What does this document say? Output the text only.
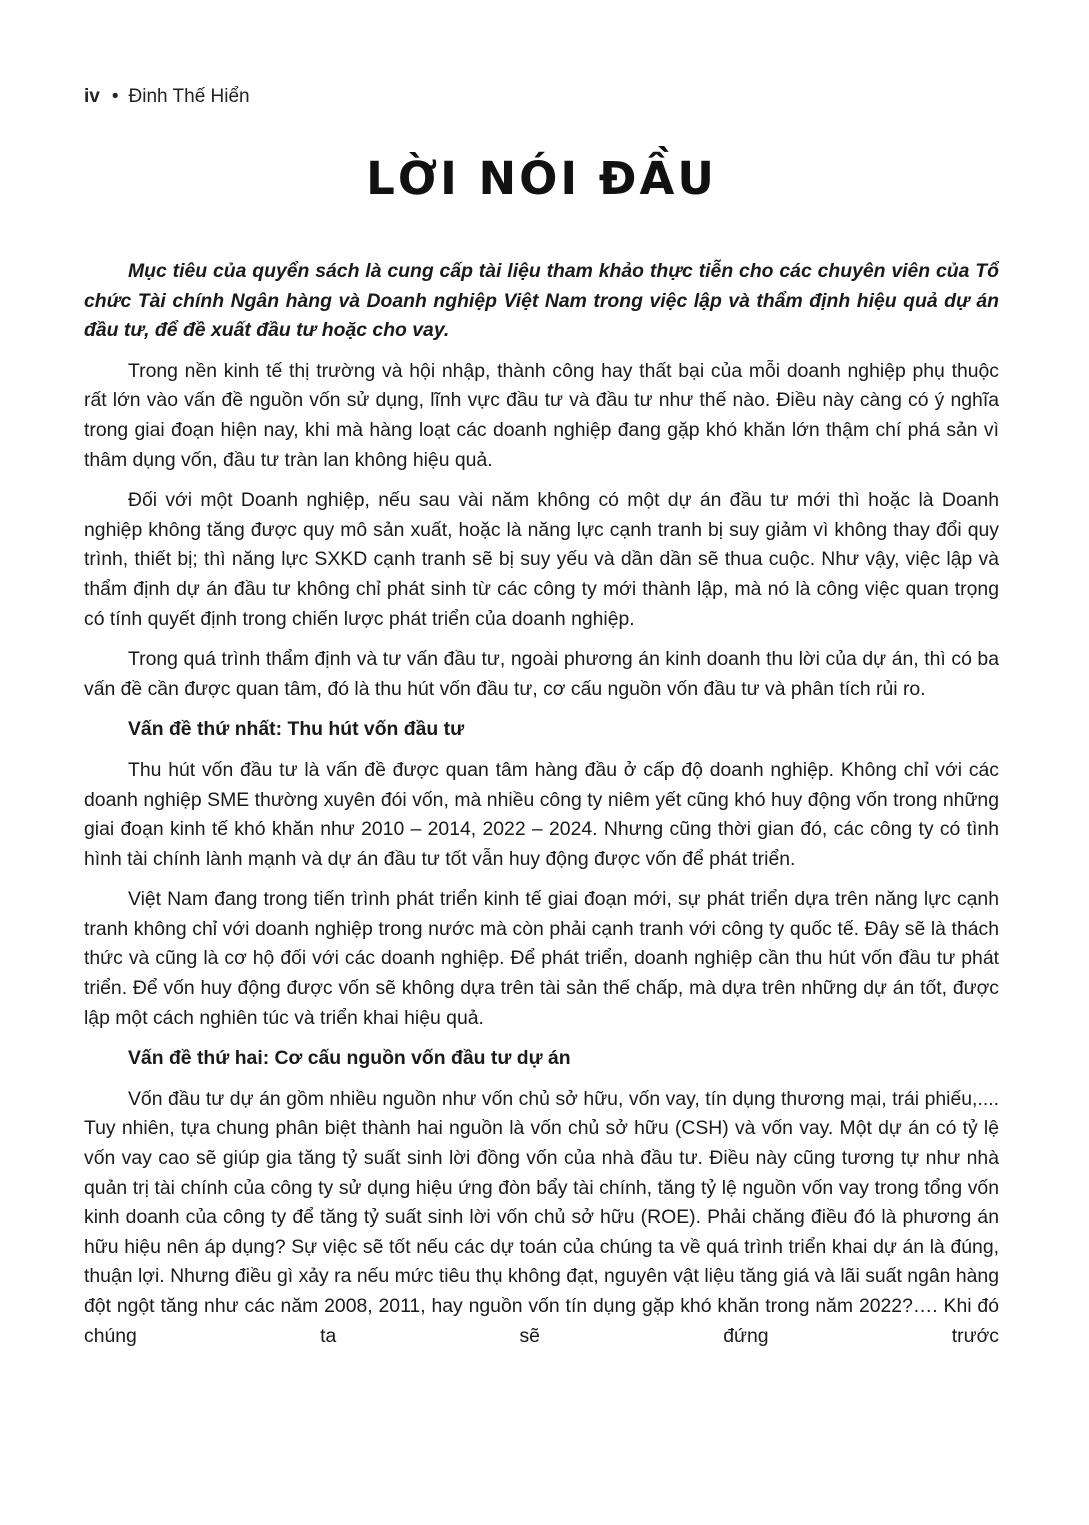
iv • Đinh Thế Hiển
LỜI NÓI ĐẦU

Mục tiêu của quyển sách là cung cấp tài liệu tham khảo thực tiễn cho các chuyên viên của Tổ chức Tài chính Ngân hàng và Doanh nghiệp Việt Nam trong việc lập và thẩm định hiệu quả dự án đầu tư, để đề xuất đầu tư hoặc cho vay.

Trong nền kinh tế thị trường và hội nhập, thành công hay thất bại của mỗi doanh nghiệp phụ thuộc rất lớn vào vấn đề nguồn vốn sử dụng, lĩnh vực đầu tư và đầu tư như thế nào. Điều này càng có ý nghĩa trong giai đoạn hiện nay, khi mà hàng loạt các doanh nghiệp đang gặp khó khăn lớn thậm chí phá sản vì thâm dụng vốn, đầu tư tràn lan không hiệu quả.

Đối với một Doanh nghiệp, nếu sau vài năm không có một dự án đầu tư mới thì hoặc là Doanh nghiệp không tăng được quy mô sản xuất, hoặc là năng lực cạnh tranh bị suy giảm vì không thay đổi quy trình, thiết bị; thì năng lực SXKD cạnh tranh sẽ bị suy yếu và dần dần sẽ thua cuộc. Như vậy, việc lập và thẩm định dự án đầu tư không chỉ phát sinh từ các công ty mới thành lập, mà nó là công việc quan trọng có tính quyết định trong chiến lược phát triển của doanh nghiệp.

Trong quá trình thẩm định và tư vấn đầu tư, ngoài phương án kinh doanh thu lời của dự án, thì có ba vấn đề cần được quan tâm, đó là thu hút vốn đầu tư, cơ cấu nguồn vốn đầu tư và phân tích rủi ro.

Vấn đề thứ nhất: Thu hút vốn đầu tư

Thu hút vốn đầu tư là vấn đề được quan tâm hàng đầu ở cấp độ doanh nghiệp. Không chỉ với các doanh nghiệp SME thường xuyên đói vốn, mà nhiều công ty niêm yết cũng khó huy động vốn trong những giai đoạn kinh tế khó khăn như 2010 – 2014, 2022 – 2024. Nhưng cũng thời gian đó, các công ty có tình hình tài chính lành mạnh và dự án đầu tư tốt vẫn huy động được vốn để phát triển.

Việt Nam đang trong tiến trình phát triển kinh tế giai đoạn mới, sự phát triển dựa trên năng lực cạnh tranh không chỉ với doanh nghiệp trong nước mà còn phải cạnh tranh với công ty quốc tế. Đây sẽ là thách thức và cũng là cơ hộ đối với các doanh nghiệp. Để phát triển, doanh nghiệp cần thu hút vốn đầu tư phát triển. Để vốn huy động được vốn sẽ không dựa trên tài sản thế chấp, mà dựa trên những dự án tốt, được lập một cách nghiên túc và triển khai hiệu quả.

Vấn đề thứ hai: Cơ cấu nguồn vốn đầu tư dự án

Vốn đầu tư dự án gồm nhiều nguồn như vốn chủ sở hữu, vốn vay, tín dụng thương mại, trái phiếu,.... Tuy nhiên, tựa chung phân biệt thành hai nguồn là vốn chủ sở hữu (CSH) và vốn vay. Một dự án có tỷ lệ vốn vay cao sẽ giúp gia tăng tỷ suất sinh lời đồng vốn của nhà đầu tư. Điều này cũng tương tự như nhà quản trị tài chính của công ty sử dụng hiệu ứng đòn bẩy tài chính, tăng tỷ lệ nguồn vốn vay trong tổng vốn kinh doanh của công ty để tăng tỷ suất sinh lời vốn chủ sở hữu (ROE). Phải chăng điều đó là phương án hữu hiệu nên áp dụng? Sự việc sẽ tốt nếu các dự toán của chúng ta về quá trình triển khai dự án là đúng, thuận lợi. Nhưng điều gì xảy ra nếu mức tiêu thụ không đạt, nguyên vật liệu tăng giá và lãi suất ngân hàng đột ngột tăng như các năm 2008, 2011, hay nguồn vốn tín dụng gặp khó khăn trong năm 2022?…. Khi đó chúng ta sẽ đứng trước
